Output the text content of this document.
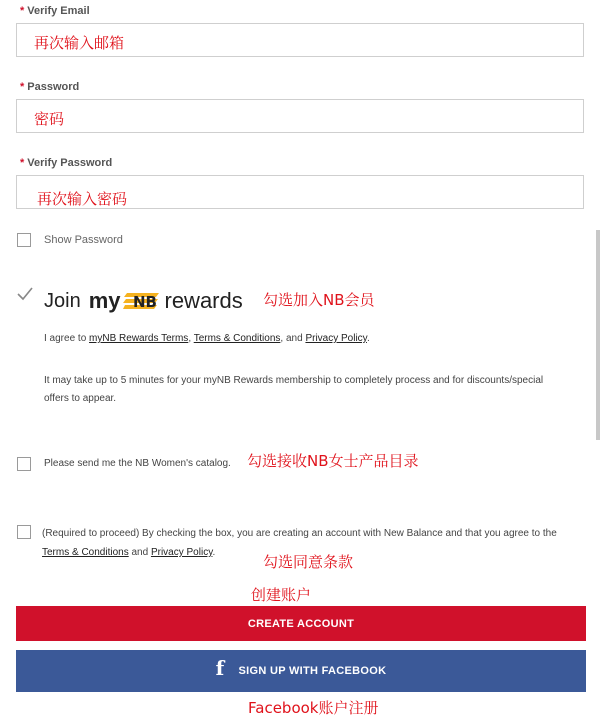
* Verify Email
再次输入邮箱
* Password
密码
* Verify Password
再次输入密码
Show Password
Join my NB rewards 勾选加入NB会员
I agree to myNB Rewards Terms, Terms & Conditions, and Privacy Policy.
It may take up to 5 minutes for your myNB Rewards membership to completely process and for discounts/special offers to appear.
Please send me the NB Women's catalog. 勾选接收NB女士产品目录
(Required to proceed) By checking the box, you are creating an account with New Balance and that you agree to the
Terms & Conditions and Privacy Policy.
勾选同意条款
创建账户
CREATE ACCOUNT
f SIGN UP WITH FACEBOOK
Facebook账户注册
